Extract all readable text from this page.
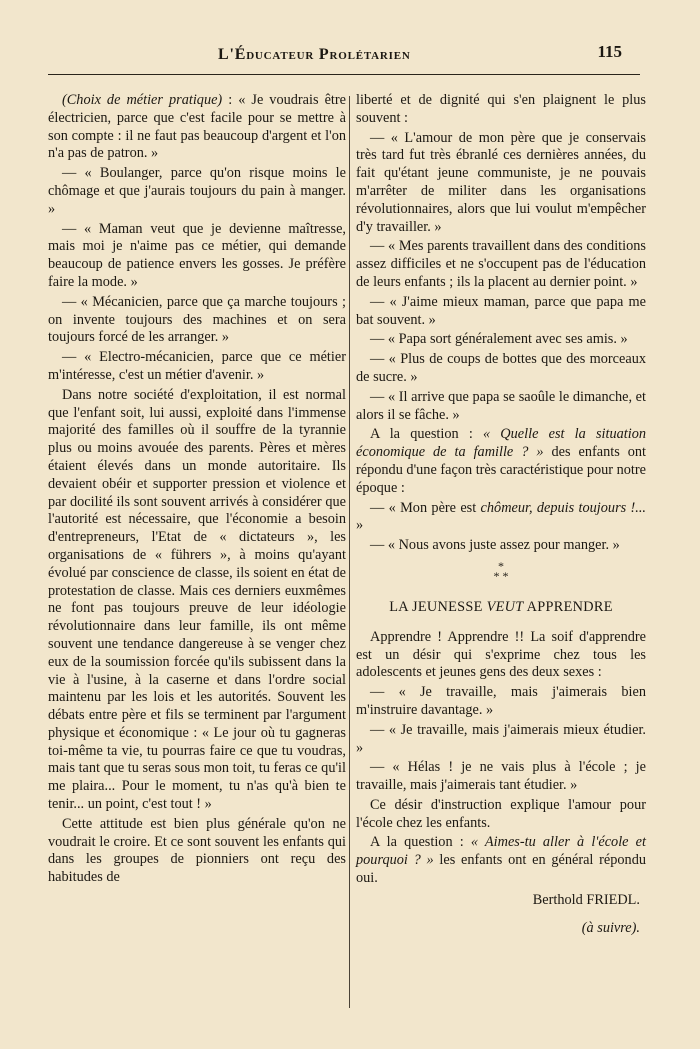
L'Éducateur Prolétarien	115

(Choix de métier pratique) : « Je voudrais être électricien, parce que c'est facile pour se mettre à son compte : il ne faut pas beaucoup d'argent et l'on n'a pas de patron. »

— « Boulanger, parce qu'on risque moins le chômage et que j'aurais toujours du pain à manger. »

— « Maman veut que je devienne maîtresse, mais moi je n'aime pas ce métier, qui demande beaucoup de patience envers les gosses. Je préfère faire la mode. »

— « Mécanicien, parce que ça marche toujours ; on invente toujours des machines et on sera toujours forcé de les arranger. »

— « Electro-mécanicien, parce que ce métier m'intéresse, c'est un métier d'avenir. »

Dans notre société d'exploitation, il est normal que l'enfant soit, lui aussi, exploité dans l'immense majorité des familles où il souffre de la tyrannie plus ou moins avouée des parents. Pères et mères étaient élevés dans un monde autoritaire. Ils devaient obéir et supporter pression et violence et par docilité ils sont souvent arrivés à considérer que l'autorité est nécessaire, que l'économie a besoin d'entrepreneurs, l'Etat de « dictateurs », les organisations de « führers », à moins qu'ayant évolué par conscience de classe, ils soient en état de protestation de classe. Mais ces derniers euxmêmes ne font pas toujours preuve de leur idéologie révolutionnaire dans leur famille, ils ont même souvent une tendance dangereuse à se venger chez eux de la soumission forcée qu'ils subissent dans la vie à l'usine, à la caserne et dans l'ordre social maintenu par les lois et les autorités. Souvent les débats entre père et fils se terminent par l'argument physique et économique : « Le jour où tu gagneras toi-même ta vie, tu pourras faire ce que tu voudras, mais tant que tu seras sous mon toit, tu feras ce qu'il me plaira... Pour le moment, tu n'as qu'à bien te tenir... un point, c'est tout ! »

Cette attitude est bien plus générale qu'on ne voudrait le croire. Et ce sont souvent les enfants qui dans les groupes de pionniers ont reçu des habitudes de

liberté et de dignité qui s'en plaignent le plus souvent :

— « L'amour de mon père que je conservais très tard fut très ébranlé ces dernières années, du fait qu'étant jeune communiste, je ne pouvais m'arrêter de militer dans les organisations révolutionnaires, alors que lui voulut m'empêcher d'y travailler. »

— « Mes parents travaillent dans des conditions assez difficiles et ne s'occupent pas de l'éducation de leurs enfants ; ils la placent au dernier point. »

— « J'aime mieux maman, parce que papa me bat souvent. »

— « Papa sort généralement avec ses amis. »

— « Plus de coups de bottes que des morceaux de sucre. »

— « Il arrive que papa se saoûle le dimanche, et alors il se fâche. »

A la question : « Quelle est la situation économique de ta famille ? » des enfants ont répondu d'une façon très caractéristique pour notre époque :

— « Mon père est chômeur, depuis toujours !... »

— « Nous avons juste assez pour manger. »

*
* *
LA JEUNESSE VEUT APPRENDRE

Apprendre ! Apprendre !! La soif d'apprendre est un désir qui s'exprime chez tous les adolescents et jeunes gens des deux sexes :

— « Je travaille, mais j'aimerais bien m'instruire davantage. »

— « Je travaille, mais j'aimerais mieux étudier. »

— « Hélas ! je ne vais plus à l'école ; je travaille, mais j'aimerais tant étudier. »

Ce désir d'instruction explique l'amour pour l'école chez les enfants.

A la question : « Aimes-tu aller à l'école et pourquoi ? » les enfants ont en général répondu oui.

Berthold FRIEDL.

(à suivre).
